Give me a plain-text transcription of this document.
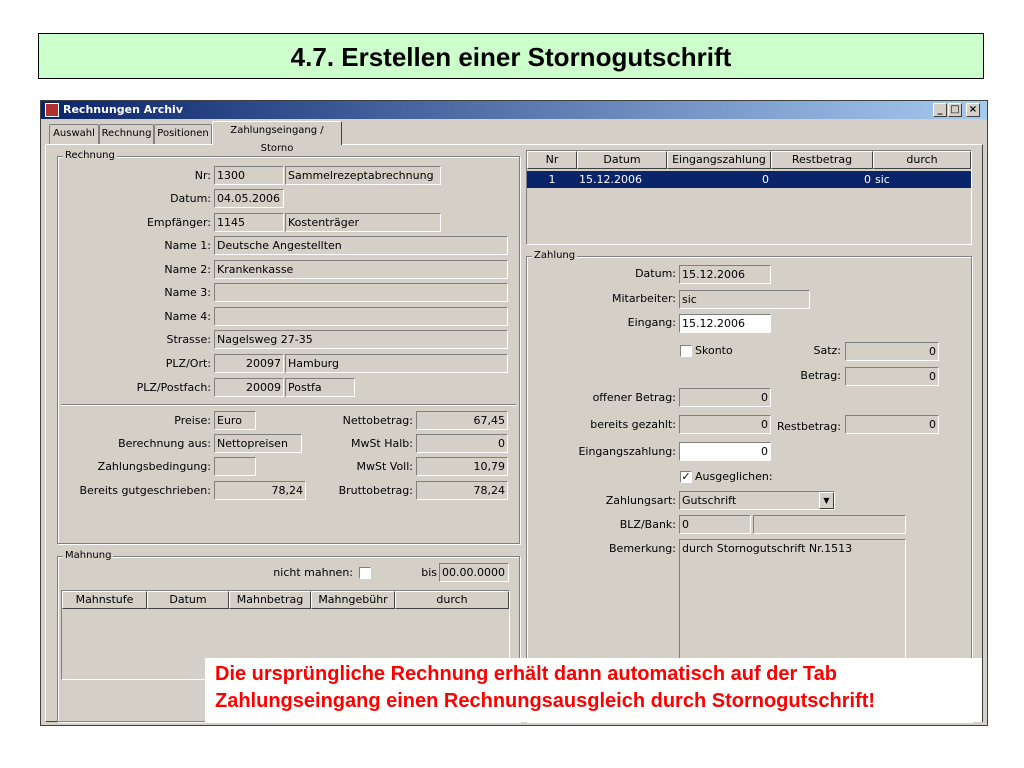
4.7. Erstellen einer Stornogutschrift
Rechnungen Archiv	_ □ ×
Auswahl Rechnung Positionen	Zahlungseingang / Storno
Rechnung
Nr: 1300	Sammelrezeptabrechnung
Datum: 04.05.2006
Empfänger: 1145	Kostenträger
Name 1: Deutsche Angestellten
Name 2: Krankenkasse
Name 3:
Name 4:
Strasse: Nagelsweg 27-35
PLZ/Ort:	20097 Hamburg
PLZ/Postfach:	20009 Postfa
Preise: Euro
Berechnung aus: Nettopreisen
Zahlungsbedingung:
Bereits gutgeschrieben:	78,24
Nettobetrag:	67,45
MwSt Halb:	0
MwSt Voll:	10,79
Bruttobetrag:	78,24
Mahnung
nicht mahnen:	bis 00.00.0000
Mahnstufe	Datum	Mahnbetrag	Mahngebühr	durch
Nr	Datum	Eingangszahlung	Restbetrag	durch
1	15.12.2006	0	0 sic
Zahlung
Datum: 15.12.2006
Mitarbeiter: sic
Eingang: 15.12.2006
Skonto	Satz:	0
Betrag:	0
offener Betrag:	0
bereits gezahlt:	0 Restbetrag:	0
Eingangszahlung:	0
✓ Ausgeglichen:
Zahlungsart: Gutschrift	▼
BLZ/Bank: 0
Bemerkung: durch Stornogutschrift Nr.1513
Die ursprüngliche Rechnung erhält dann automatisch auf der Tab
Zahlungseingang einen Rechnungsausgleich durch Stornogutschrift!
